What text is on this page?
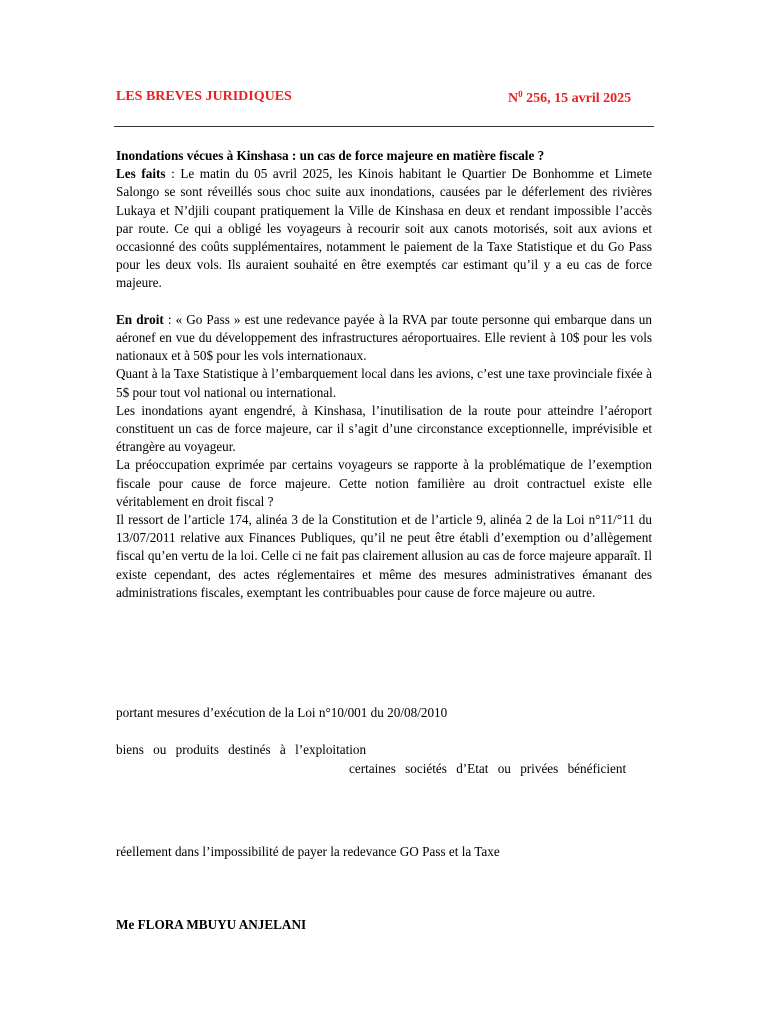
LES BREVES JURIDIQUES	$N^0$ 256, 15 avril 2025

Inondations vécues à Kinshasa : un cas de force majeure en matière fiscale ?

Les faits : Le matin du 05 avril 2025, les Kinois habitant le Quartier De Bonhomme et Limete Salongo se sont réveillés sous choc suite aux inondations, causées par le déferlement des rivières Lukaya et N’djili coupant pratiquement la Ville de Kinshasa en deux et rendant impossible l’accès par route. Ce qui a obligé les voyageurs à recourir soit aux canots motorisés, soit aux avions et occasionné des coûts supplémentaires, notamment le paiement de la Taxe Statistique et du Go Pass pour les deux vols. Ils auraient souhaité en être exemptés car estimant qu’il y a eu cas de force majeure.

En droit : « Go Pass » est une redevance payée à la RVA par toute personne qui embarque dans un aéronef en vue du développement des infrastructures aéroportuaires. Elle revient à 10$ pour les vols nationaux et à 50$ pour les vols internationaux.

Quant à la Taxe Statistique à l’embarquement local dans les avions, c’est une taxe provinciale fixée à 5$ pour tout vol national ou international.

Les inondations ayant engendré, à Kinshasa, l’inutilisation de la route pour atteindre l’aéroport constituent un cas de force majeure, car il s’agit d’une circonstance exceptionnelle, imprévisible et étrangère au voyageur.

La préoccupation exprimée par certains voyageurs se rapporte à la problématique de l’exemption fiscale pour cause de force majeure. Cette notion familière au droit contractuel existe elle véritablement en droit fiscal ?

Il ressort de l’article 174, alinéa 3 de la Constitution et de l’article 9, alinéa 2 de la Loi n°11/°11 du 13/07/2011 relative aux Finances Publiques, qu’il ne peut être établi d’exemption ou d’allègement fiscal qu’en vertu de la loi. Celle ci ne fait pas clairement allusion au cas de force majeure apparaît. Il existe cependant, des actes réglementaires et même des mesures administratives émanant des administrations fiscales, exemptant les contribuables pour cause de force majeure ou autre.

portant mesures d’exécution de la Loi n°10/001 du 20/08/2010
biens ou produits destinés à l’exploitation
certaines sociétés d’Etat ou privées bénéficient
réellement dans l’impossibilité de payer la redevance GO Pass et la Taxe
Me FLORA MBUYU ANJELANI
